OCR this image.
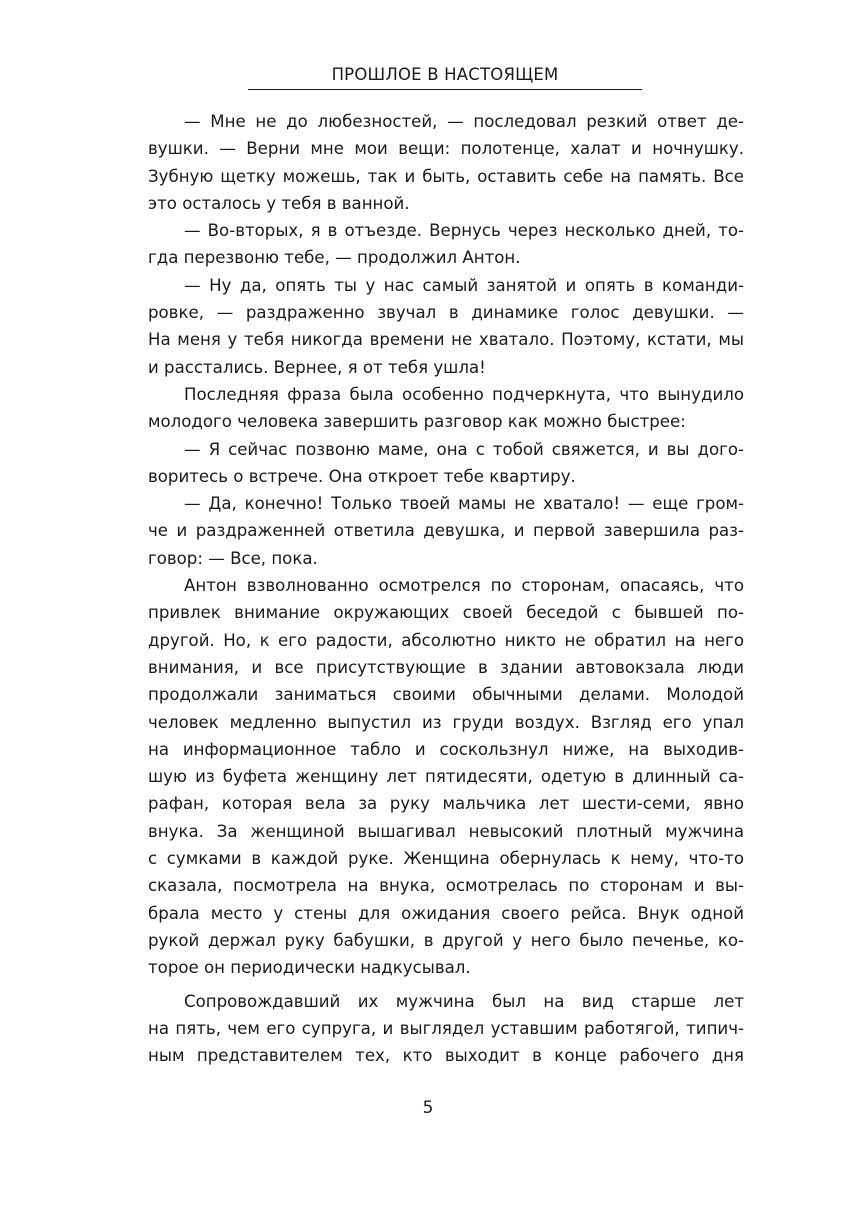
ПРОШЛОЕ В НАСТОЯЩЕМ
— Мне не до любезностей, — последовал резкий ответ де-
вушки. — Верни мне мои вещи: полотенце, халат и ночнушку.
Зубную щетку можешь, так и быть, оставить себе на память. Все
это осталось у тебя в ванной.
— Во-вторых, я в отъезде. Вернусь через несколько дней, то-
гда перезвоню тебе, — продолжил Антон.
— Ну да, опять ты у нас самый занятой и опять в команди-
ровке, — раздраженно звучал в динамике голос девушки. —
На меня у тебя никогда времени не хватало. Поэтому, кстати, мы
и расстались. Вернее, я от тебя ушла!
Последняя фраза была особенно подчеркнута, что вынудило
молодого человека завершить разговор как можно быстрее:
— Я сейчас позвоню маме, она с тобой свяжется, и вы дого-
воритесь о встрече. Она откроет тебе квартиру.
— Да, конечно! Только твоей мамы не хватало! — еще гром-
че и раздраженней ответила девушка, и первой завершила раз-
говор: — Все, пока.
Антон взволнованно осмотрелся по сторонам, опасаясь, что
привлек внимание окружающих своей беседой с бывшей по-
другой. Но, к его радости, абсолютно никто не обратил на него
внимания, и все присутствующие в здании автовокзала люди
продолжали заниматься своими обычными делами. Молодой
человек медленно выпустил из груди воздух. Взгляд его упал
на информационное табло и соскользнул ниже, на выходив-
шую из буфета женщину лет пятидесяти, одетую в длинный са-
рафан, которая вела за руку мальчика лет шести-семи, явно
внука. За женщиной вышагивал невысокий плотный мужчина
с сумками в каждой руке. Женщина обернулась к нему, что-то
сказала, посмотрела на внука, осмотрелась по сторонам и вы-
брала место у стены для ожидания своего рейса. Внук одной
рукой держал руку бабушки, в другой у него было печенье, ко-
торое он периодически надкусывал.
Сопровождавший их мужчина был на вид старше лет
на пять, чем его супруга, и выглядел уставшим работягой, типич-
ным представителем тех, кто выходит в конце рабочего дня
5
